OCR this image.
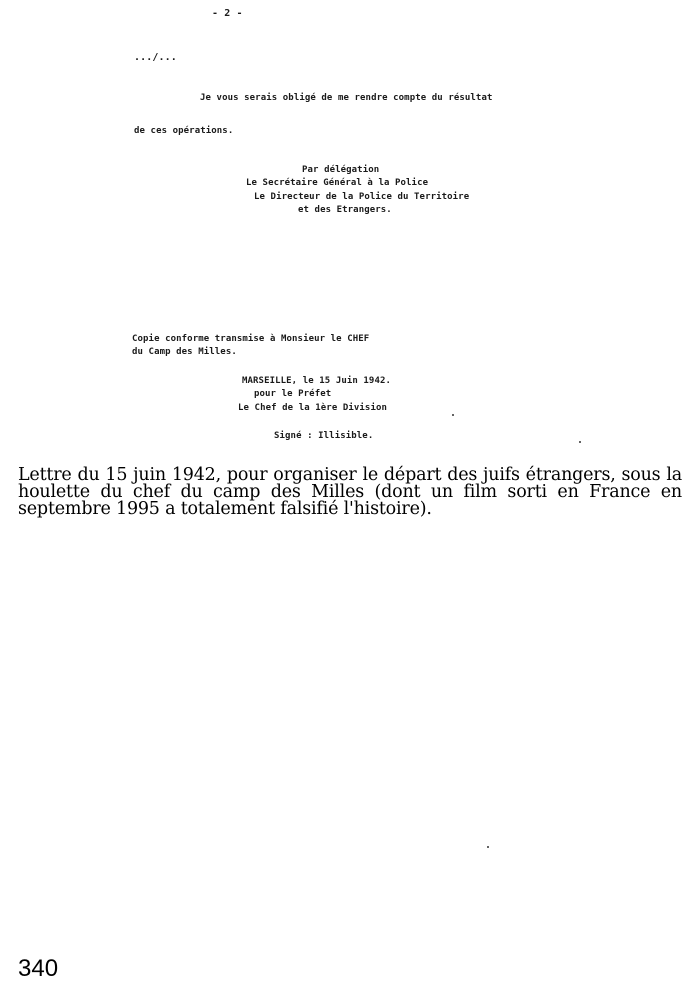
- 2 -
.../...
Je vous serais obligé de me rendre compte du résultat
de ces opérations.
Par délégation
Le Secrétaire Général à la Police
Le Directeur de la Police du Territoire
et des Etrangers.
Copie conforme transmise à Monsieur le CHEF
du Camp des Milles.
MARSEILLE, le 15 Juin 1942.
pour le Préfet
Le Chef de la 1ère Division
Signé : Illisible.

Lettre du 15 juin 1942, pour organiser le départ des juifs étrangers, sous la houlette du chef du camp des Milles (dont un film sorti en France en septembre 1995 a totalement falsifié l'histoire).

340
